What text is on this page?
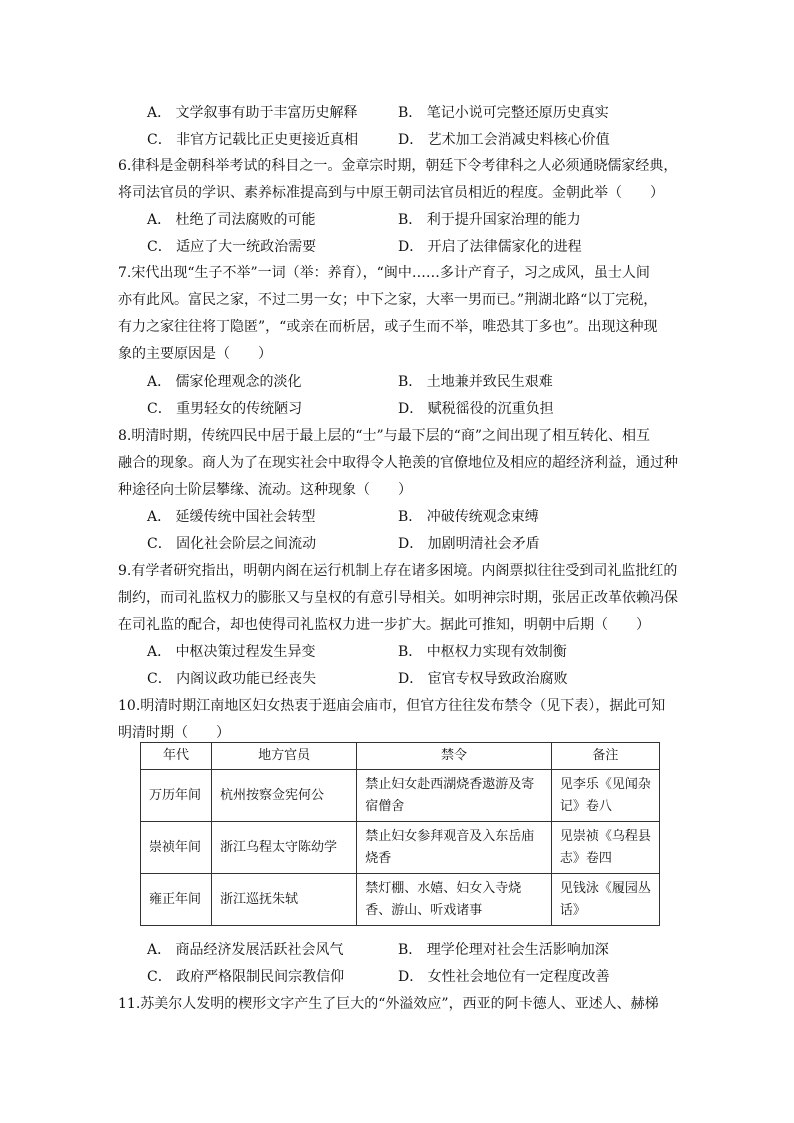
A． 文学叙事有助于丰富历史解释	B． 笔记小说可完整还原历史真实
C． 非官方记载比正史更接近真相	D． 艺术加工会消减史料核心价值
6.律科是金朝科举考试的科目之一。金章宗时期，朝廷下令考律科之人必须通晓儒家经典，
将司法官员的学识、素养标准提高到与中原王朝司法官员相近的程度。金朝此举（　　）
A． 杜绝了司法腐败的可能	B． 利于提升国家治理的能力
C． 适应了大一统政治需要	D． 开启了法律儒家化的进程
7.宋代出现“生子不举”一词（举：养育），“闽中……多计产育子，习之成风，虽士人间
亦有此风。富民之家，不过二男一女；中下之家，大率一男而已。”荆湖北路“以丁完税，
有力之家往往将丁隐匿”，“或亲在而析居，或子生而不举，唯恐其丁多也”。出现这种现
象的主要原因是（　　）
A． 儒家伦理观念的淡化	B． 土地兼并致民生艰难
C． 重男轻女的传统陋习	D． 赋税徭役的沉重负担
8.明清时期，传统四民中居于最上层的“士”与最下层的“商”之间出现了相互转化、相互
融合的现象。商人为了在现实社会中取得令人艳羡的官僚地位及相应的超经济利益，通过种
种途径向士阶层攀缘、流动。这种现象（　　）
A． 延缓传统中国社会转型	B． 冲破传统观念束缚
C． 固化社会阶层之间流动	D． 加剧明清社会矛盾
9.有学者研究指出，明朝内阁在运行机制上存在诸多困境。内阁票拟往往受到司礼监批红的
制约，而司礼监权力的膨胀又与皇权的有意引导相关。如明神宗时期，张居正改革依赖冯保
在司礼监的配合，却也使得司礼监权力进一步扩大。据此可推知，明朝中后期（　　）
A． 中枢决策过程发生异变	B． 中枢权力实现有效制衡
C． 内阁议政功能已经丧失	D． 宦官专权导致政治腐败
10.明清时期江南地区妇女热衷于逛庙会庙市，但官方往往发布禁令（见下表），据此可知
明清时期（　　）
年代	地方官员	禁令	备注
万历年间	杭州按察佥宪何公	禁止妇女赴西湖烧香遨游及寄宿僧舍	见李乐《见闻杂记》卷八
崇祯年间	浙江乌程太守陈幼学	禁止妇女参拜观音及入东岳庙烧香	见崇祯《乌程县志》卷四
雍正年间	浙江巡抚朱轼	禁灯棚、水嬉、妇女入寺烧香、游山、听戏诸事	见钱泳《履园丛话》
A． 商品经济发展活跃社会风气	B． 理学伦理对社会生活影响加深
C． 政府严格限制民间宗教信仰	D． 女性社会地位有一定程度改善
11.苏美尔人发明的楔形文字产生了巨大的“外溢效应”，西亚的阿卡德人、亚述人、赫梯
